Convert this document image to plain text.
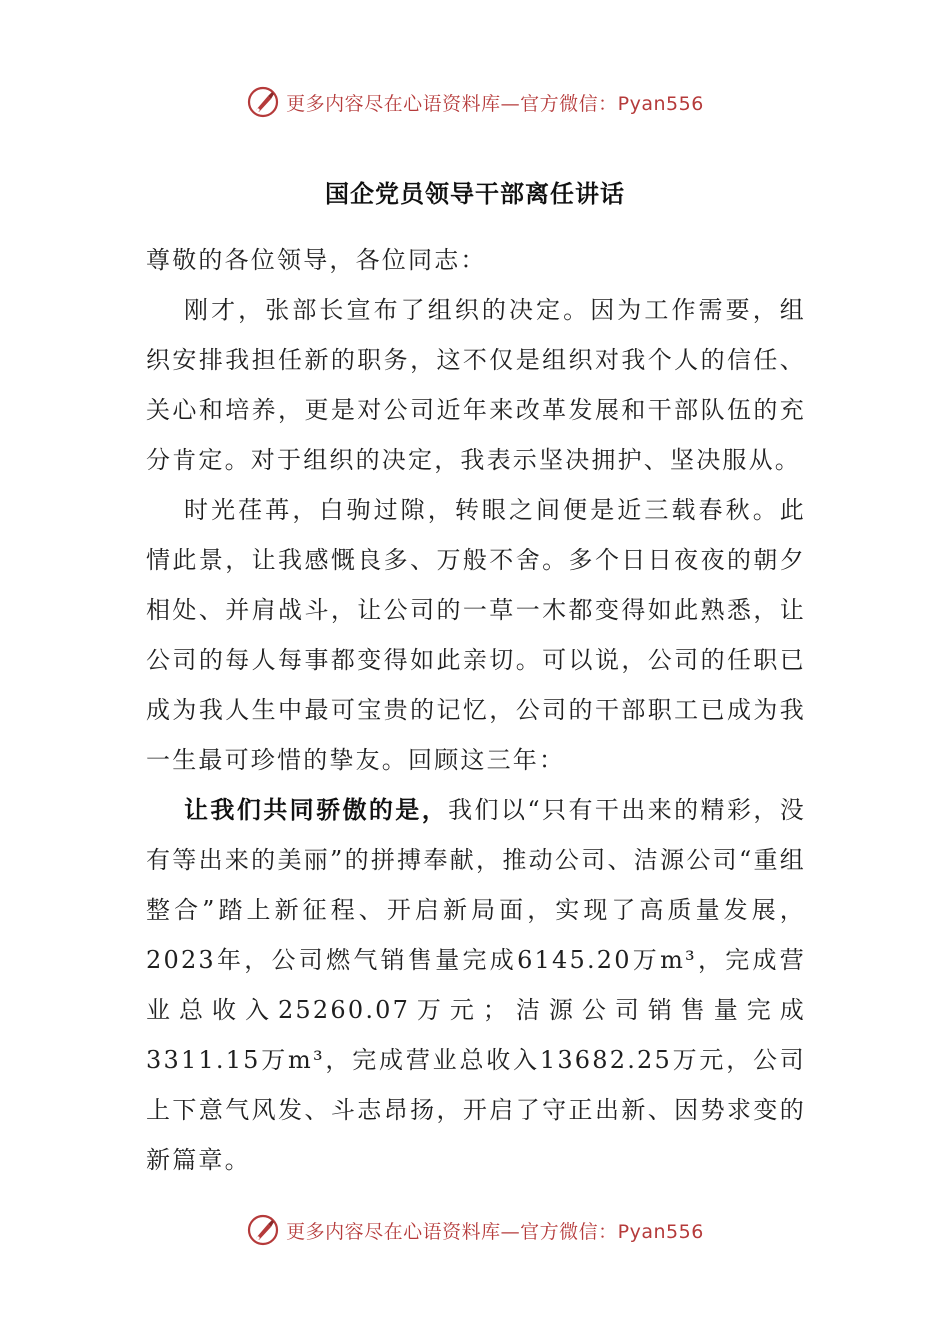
更多内容尽在心语资料库—官方微信：Pyan556
国企党员领导干部离任讲话

尊敬的各位领导，各位同志：

刚才，张部长宣布了组织的决定。因为工作需要，组织安排我担任新的职务，这不仅是组织对我个人的信任、关心和培养，更是对公司近年来改革发展和干部队伍的充分肯定。对于组织的决定，我表示坚决拥护、坚决服从。

时光荏苒，白驹过隙，转眼之间便是近三载春秋。此情此景，让我感慨良多、万般不舍。多个日日夜夜的朝夕相处、并肩战斗，让公司的一草一木都变得如此熟悉，让公司的每人每事都变得如此亲切。可以说，公司的任职已成为我人生中最可宝贵的记忆，公司的干部职工已成为我一生最可珍惜的挚友。回顾这三年：

让我们共同骄傲的是，我们以“只有干出来的精彩，没有等出来的美丽”的拼搏奉献，推动公司、洁源公司“重组整合”踏上新征程、开启新局面，实现了高质量发展，2023年，公司燃气销售量完成6145.20万m³，完成营业总收入25260.07万元；洁源公司销售量完成3311.15万m³，完成营业总收入13682.25万元，公司上下意气风发、斗志昂扬，开启了守正出新、因势求变的新篇章。

更多内容尽在心语资料库—官方微信：Pyan556
